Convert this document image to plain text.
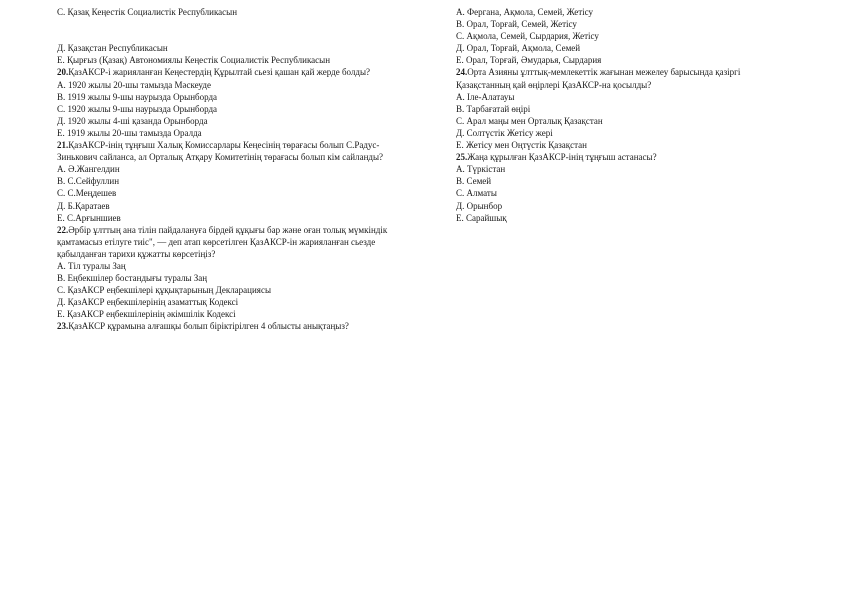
C. Қазақ Кеңестік Социалистік Республикасын
Д. Қазақстан Республикасын
Е. Қырғыз (Қазақ) Автономиялы Кеңестік Социалистік Республикасын
20.ҚазАКСР-і жарияланған Кеңестердің Құрылтай сьезі қашан қай жерде болды?
А. 1920 жылы 20-шы тамызда Мәскеуде
В. 1919 жылы 9-шы наурызда Орынборда
С. 1920 жылы 9-шы наурызда Орынборда
Д. 1920 жылы 4-ші қазанда Орынборда
Е. 1919 жылы 20-шы тамызда Оралда
21.ҚазАКСР-інің тұңғыш Халық Комиссарлары Кеңесінің төрағасы болып С.Радус-
Зинькович сайланса, ал Орталық Атқару Комитетінің төрағасы болып кім сайланды?
А. Ә.Жангелдин
В. С.Сейфуллин
С. С.Меңдешев
Д. Б.Қаратаев
Е. С.Арғыншиев
22.Әрбір ұлттың ана тілін пайдалануға бірдей құқығы бар және оған толық мүмкіндік
қамтамасыз етілуге тиіс", — деп атап көрсетілген ҚазАКСР-ін жарияланған сьезде
қабылданған тарихи құжатты көрсетіңіз?
А. Тіл туралы Заң
В. Еңбекшілер бостандығы туралы Заң
С. ҚазАКСР еңбекшілері құқықтарының Декларациясы
Д. ҚазАКСР еңбекшілерінің азаматтық Кодексі
Е. ҚазАКСР еңбекшілерінің әкімшілік Кодексі
23.ҚазАКСР құрамына алғашқы болып біріктірілген 4 облысты анықтаңыз?
А. Фергана, Ақмола, Семей, Жетісу
В. Орал, Торғай, Семей, Жетісу
С. Ақмола, Семей, Сырдария, Жетісу
Д. Орал, Торғай, Ақмола, Семей
Е. Орал, Торғай, Әмударья, Сырдария
24.Орта Азияны ұлттық-мемлекеттік жағынан межелеу барысында қазіргі
Қазақстанның қай өңірлері ҚазАКСР-на қосылды?
А. Іле-Алатауы
В. Тарбағатай өңірі
С. Арал маңы мен Орталық Қазақстан
Д. Солтүстік Жетісу жері
Е. Жетісу мен Оңтүстік Қазақстан
25.Жаңа құрылған ҚазАКСР-інің тұңғыш астанасы?
А. Түркістан
В. Семей
С. Алматы
Д. Орынбор
Е. Сарайшық
